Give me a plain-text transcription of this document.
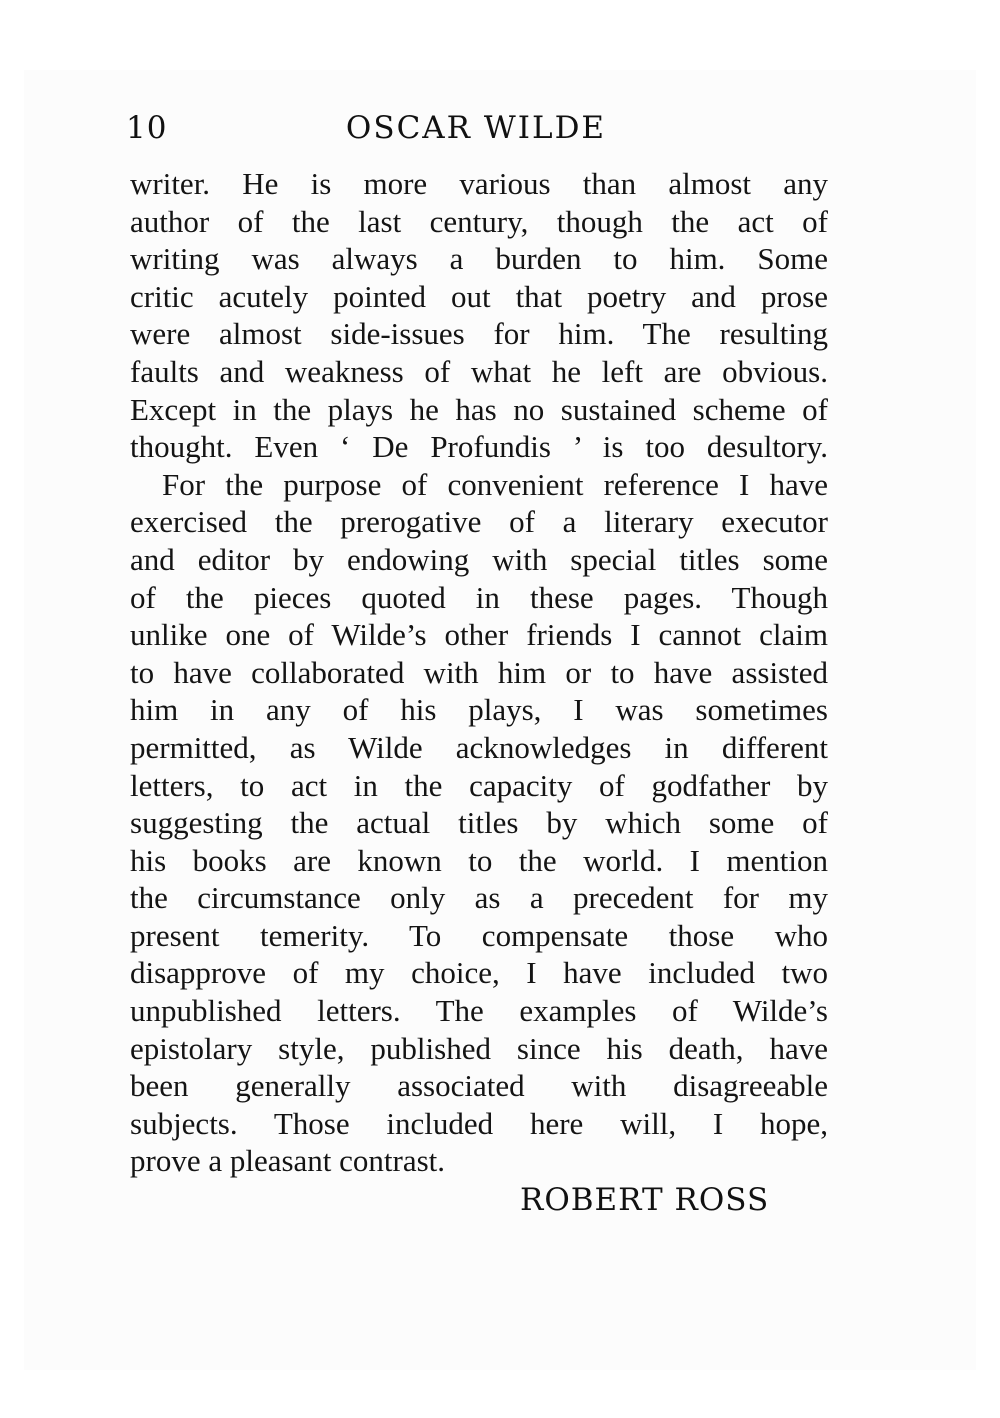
10	OSCAR WILDE
writer. He is more various than almost any
author of the last century, though the act of
writing was always a burden to him. Some
critic acutely pointed out that poetry and prose
were almost side-issues for him. The resulting
faults and weakness of what he left are obvious.
Except in the plays he has no sustained scheme of
thought. Even ‘ De Profundis ’ is too desultory.
For the purpose of convenient reference I have
exercised the prerogative of a literary executor
and editor by endowing with special titles some
of the pieces quoted in these pages. Though
unlike one of Wilde’s other friends I cannot claim
to have collaborated with him or to have assisted
him in any of his plays, I was sometimes
permitted, as Wilde acknowledges in different
letters, to act in the capacity of godfather by
suggesting the actual titles by which some of
his books are known to the world. I mention
the circumstance only as a precedent for my
present temerity. To compensate those who
disapprove of my choice, I have included two
unpublished letters. The examples of Wilde’s
epistolary style, published since his death, have
been generally associated with disagreeable
subjects. Those included here will, I hope,
prove a pleasant contrast.
ROBERT ROSS
